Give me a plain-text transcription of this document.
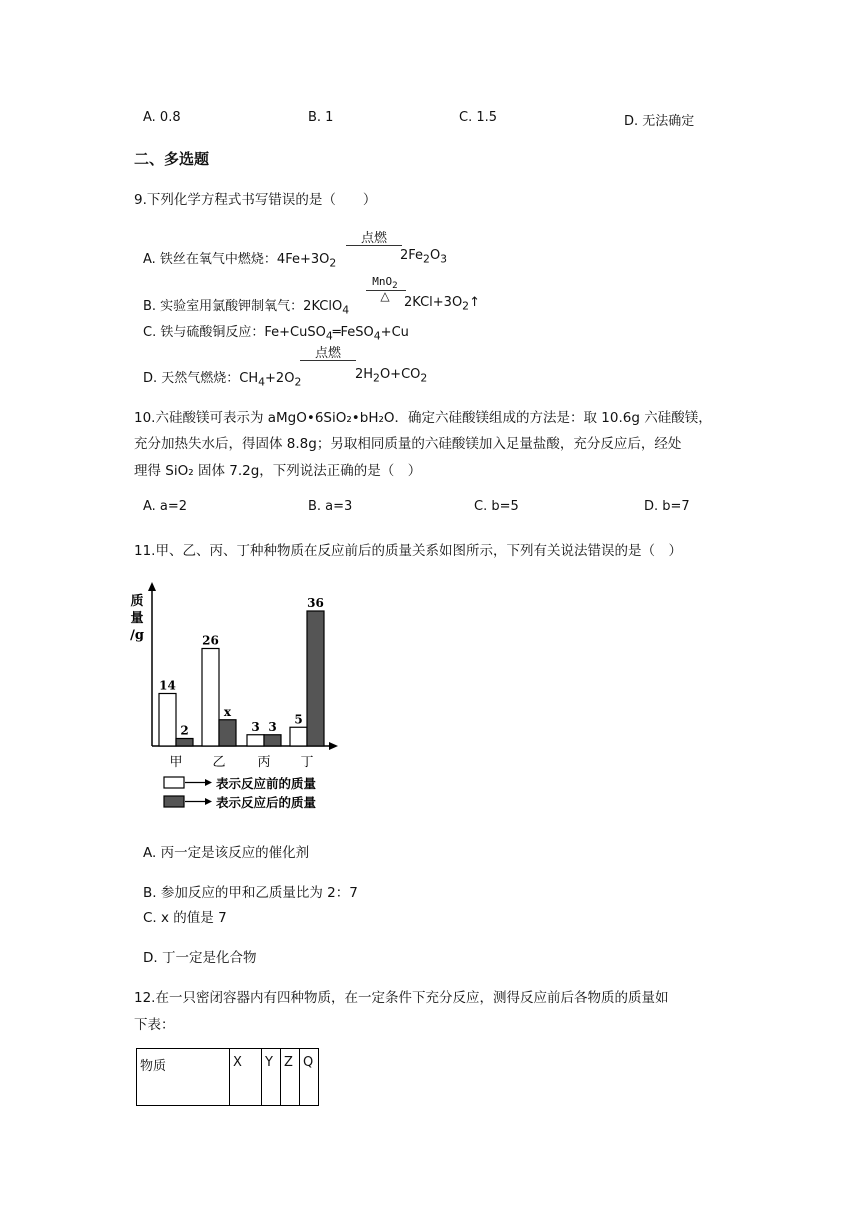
A. 0.8	B. 1	C. 1.5	D. 无法确定
二、多选题
9.下列化学方程式书写错误的是（　　）
A. 铁丝在氧气中燃烧：$4Fe+3O_2$
点燃
$2Fe_2O_3$
B. 实验室用氯酸钾制氧气：2KClO$_4$
MnO$_2$
△	$2KCl+3O_2↑$
C. 铁与硫酸铜反应：Fe+CuSO$_4$═FeSO$_4$+Cu
D. 天然气燃烧：$CH_4+2O_2$
点燃
$2H_2O+CO_2$
10.六硅酸镁可表示为 aMgO•6SiO₂•bH₂O．确定六硅酸镁组成的方法是：取 10.6g 六硅酸镁，
充分加热失水后，得固体 8.8g；另取相同质量的六硅酸镁加入足量盐酸，充分反应后，经处
理得 SiO₂ 固体 7.2g，下列说法正确的是（　）
A. a=2	B. a=3	C. b=5	D. b=7
11.甲、乙、丙、丁种种物质在反应前后的质量关系如图所示，下列有关说法错误的是（　）
质
量
/g
14
2
甲
26
x
乙
3 3
丙
5
36
丁
表示反应前的质量
表示反应后的质量
A. 丙一定是该反应的催化剂
B. 参加反应的甲和乙质量比为 2：7
C. x 的值是 7
D. 丁一定是化合物
12.在一只密闭容器内有四种物质，在一定条件下充分反应，测得反应前后各物质的质量如
下表：
物质	X	Y	Z	Q
